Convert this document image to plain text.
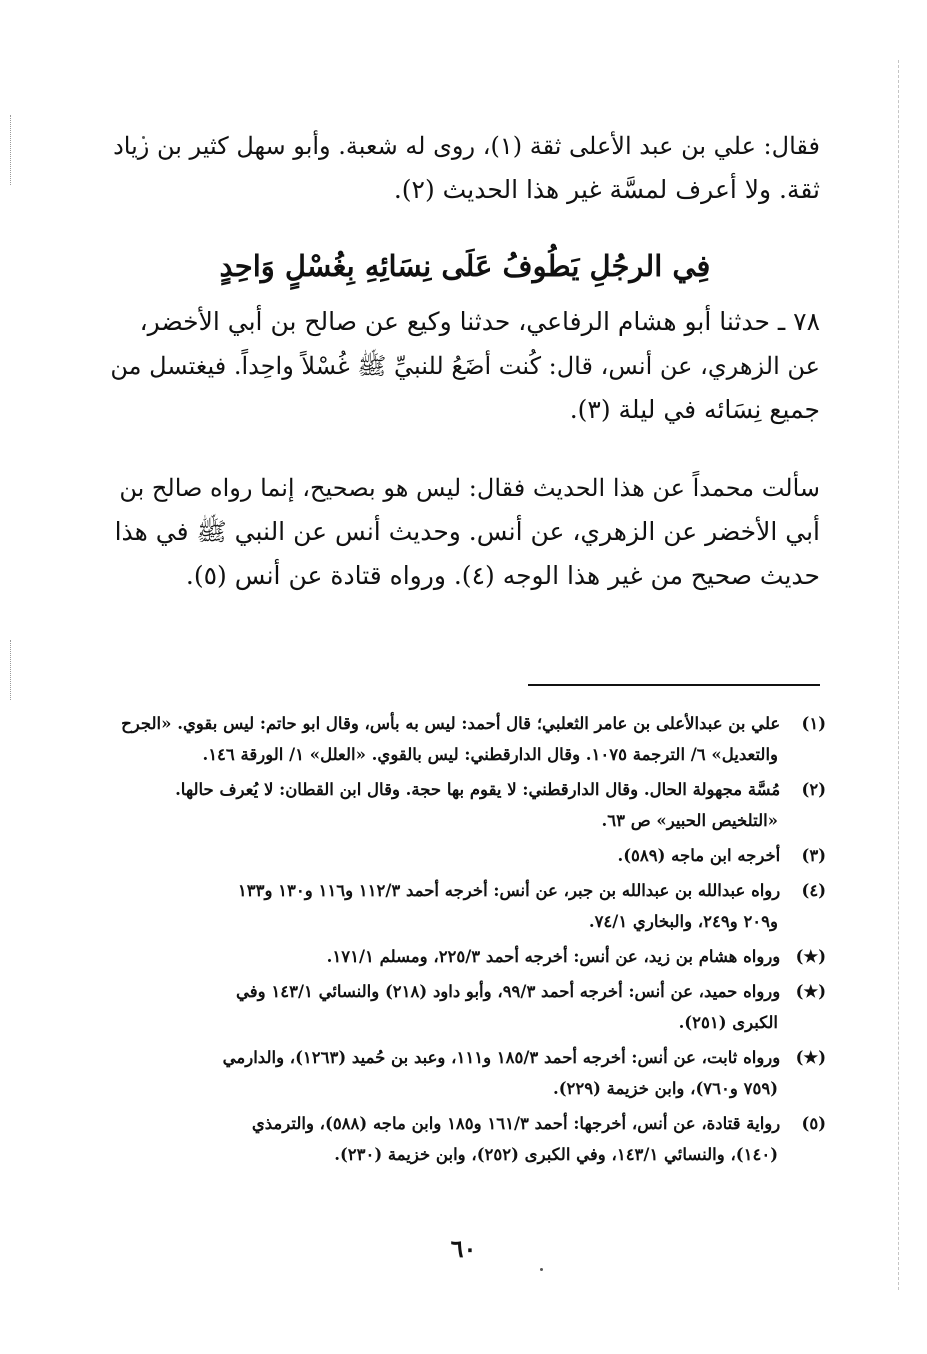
فقال: علي بن عبد الأعلى ثقة (١)، روى له شعبة. وأبو سهل كثير بن زياد
ثقة. ولا أعرف لمسَّة غير هذا الحديث (٢).
فِي الرجُلِ يَطُوفُ عَلَى نِسَائِهِ بِغُسْلٍ وَاحِدٍ
٧٨ ـ حدثنا أبو هشام الرفاعي، حدثنا وكيع عن صالح بن أبي الأخضر،
عن الزهري، عن أنس، قال: كُنت أضَعُ للنبيِّ ﷺ غُسْلاً واحِداً. فيغتسل من
جميع نِسَائه في ليلة (٣).
سألت محمداً عن هذا الحديث فقال: ليس هو بصحيح، إنما رواه صالح بن
أبي الأخضر عن الزهري، عن أنس. وحديث أنس عن النبي ﷺ في هذا
حديث صحيح من غير هذا الوجه (٤). ورواه قتادة عن أنس (٥).
(١) علي بن عبدالأعلى بن عامر الثعلبي؛ قال أحمد: ليس به بأس، وقال ابو حاتم: ليس بقوي. «الجرح
والتعديل» ٦/ الترجمة ١٠٧٥. وقال الدارقطني: ليس بالقوي. «العلل» ١/ الورقة ١٤٦.
(٢) مُسَّة مجهولة الحال. وقال الدارقطني: لا يقوم بها حجة. وقال ابن القطان: لا يُعرف حالها.
«التلخيص الحبير» ص ٦٣.
(٣) أخرجه ابن ماجه (٥٨٩).
(٤) رواه عبدالله بن عبدالله بن جبر، عن أنس: أخرجه أحمد ١١٢/٣ و١١٦ و١٣٠ و١٣٣
و٢٠٩ و٢٤٩، والبخاري ٧٤/١.
(★) ورواه هشام بن زيد، عن أنس: أخرجه أحمد ٢٢٥/٣، ومسلم ١٧١/١.
(★) ورواه حميد، عن أنس: أخرجه أحمد ٩٩/٣، وأبو داود (٢١٨) والنسائي ١٤٣/١ وفي
الكبرى (٢٥١).
(★) ورواه ثابت، عن أنس: أخرجه أحمد ١٨٥/٣ و١١١، وعبد بن حُميد (١٢٦٣)، والدارمي
(٧٥٩ و٧٦٠)، وابن خزيمة (٢٢٩).
(٥) رواية قتادة، عن أنس، أخرجها: أحمد ١٦١/٣ و١٨٥ وابن ماجه (٥٨٨)، والترمذي
(١٤٠)، والنسائي ١٤٣/١، وفي الكبرى (٢٥٢)، وابن خزيمة (٢٣٠).
٦٠
